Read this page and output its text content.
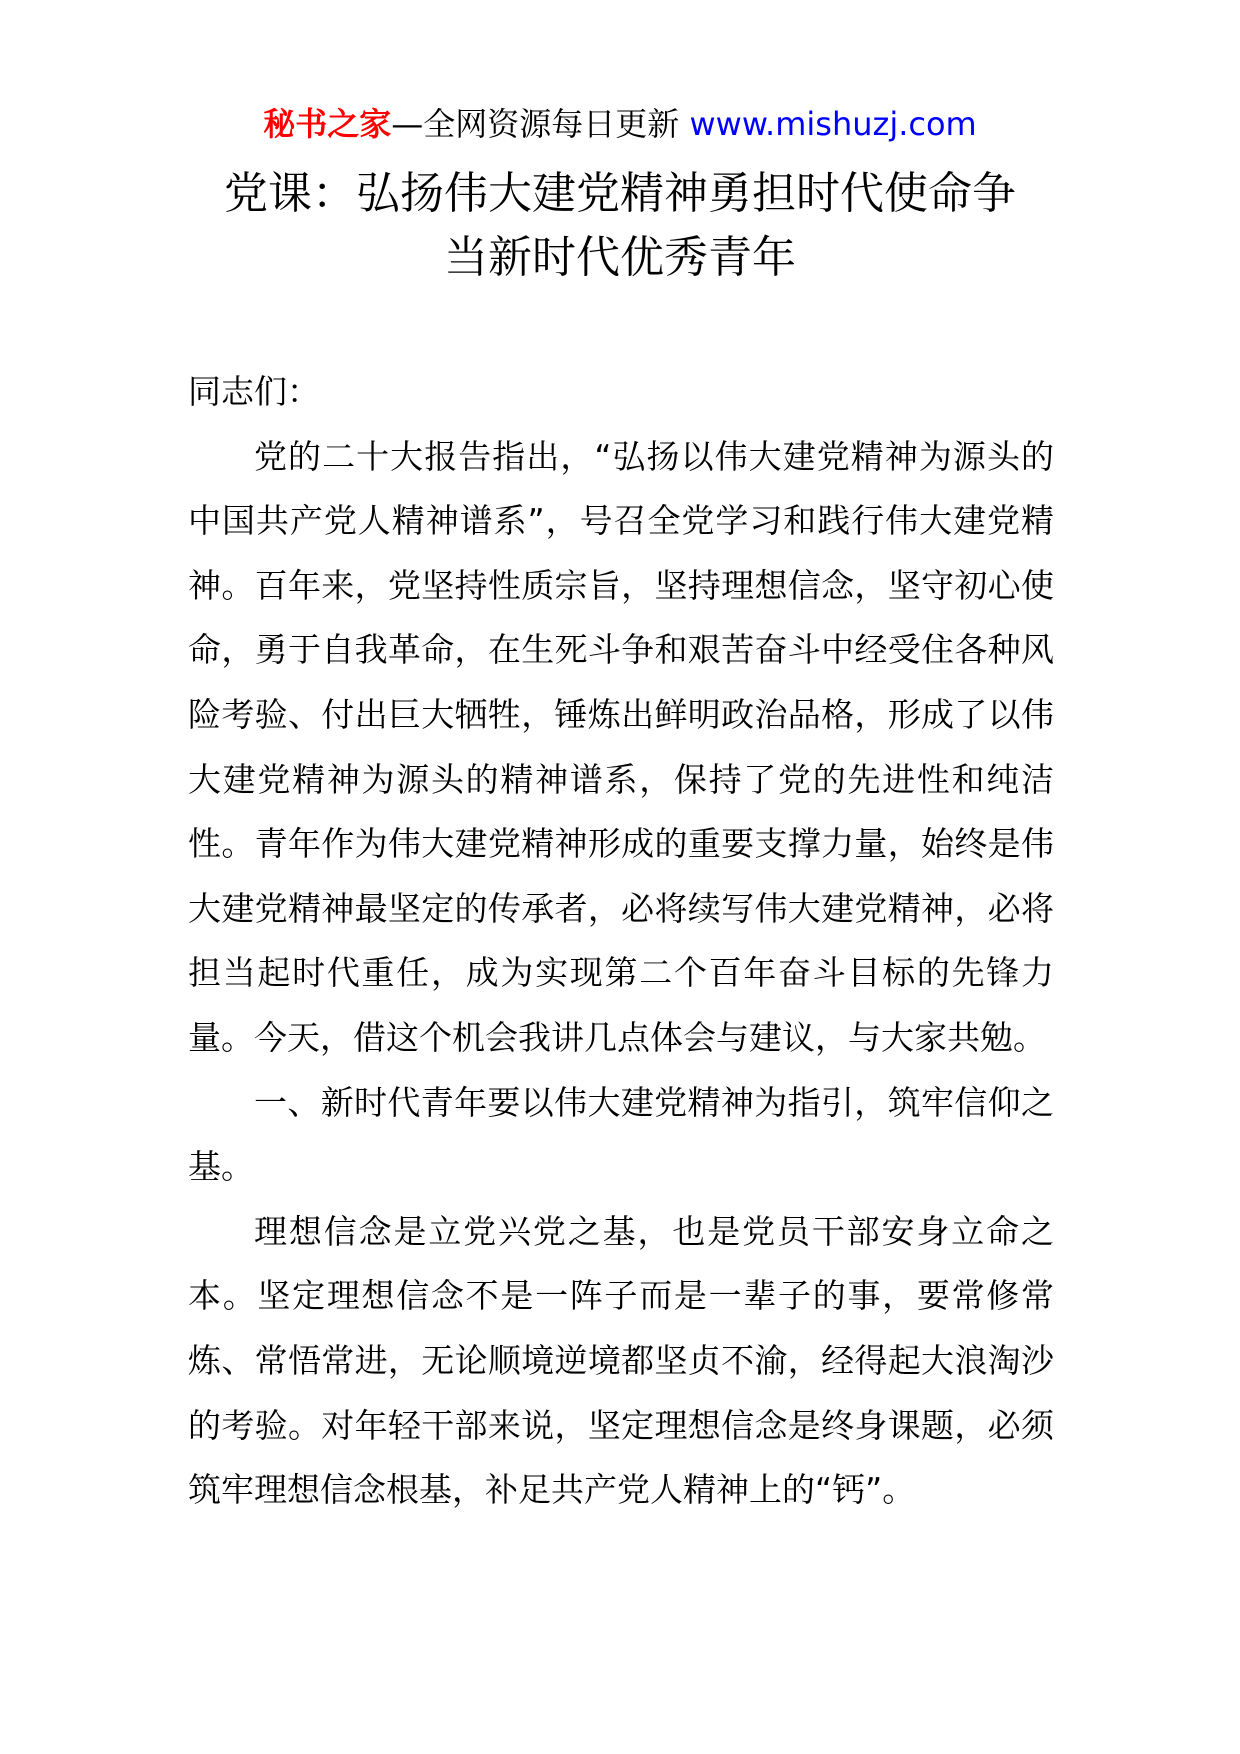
秘书之家—全网资源每日更新 www.mishuzj.com
党课：弘扬伟大建党精神勇担时代使命争
当新时代优秀青年

同志们：

党的二十大报告指出，“弘扬以伟大建党精神为源头的中国共产党人精神谱系”，号召全党学习和践行伟大建党精神。百年来，党坚持性质宗旨，坚持理想信念，坚守初心使命，勇于自我革命，在生死斗争和艰苦奋斗中经受住各种风险考验、付出巨大牺牲，锤炼出鲜明政治品格，形成了以伟大建党精神为源头的精神谱系，保持了党的先进性和纯洁性。青年作为伟大建党精神形成的重要支撑力量，始终是伟大建党精神最坚定的传承者，必将续写伟大建党精神，必将担当起时代重任，成为实现第二个百年奋斗目标的先锋力量。今天，借这个机会我讲几点体会与建议，与大家共勉。

一、新时代青年要以伟大建党精神为指引，筑牢信仰之基。

理想信念是立党兴党之基，也是党员干部安身立命之本。坚定理想信念不是一阵子而是一辈子的事，要常修常炼、常悟常进，无论顺境逆境都坚贞不渝，经得起大浪淘沙的考验。对年轻干部来说，坚定理想信念是终身课题，必须筑牢理想信念根基，补足共产党人精神上的“钙”。
